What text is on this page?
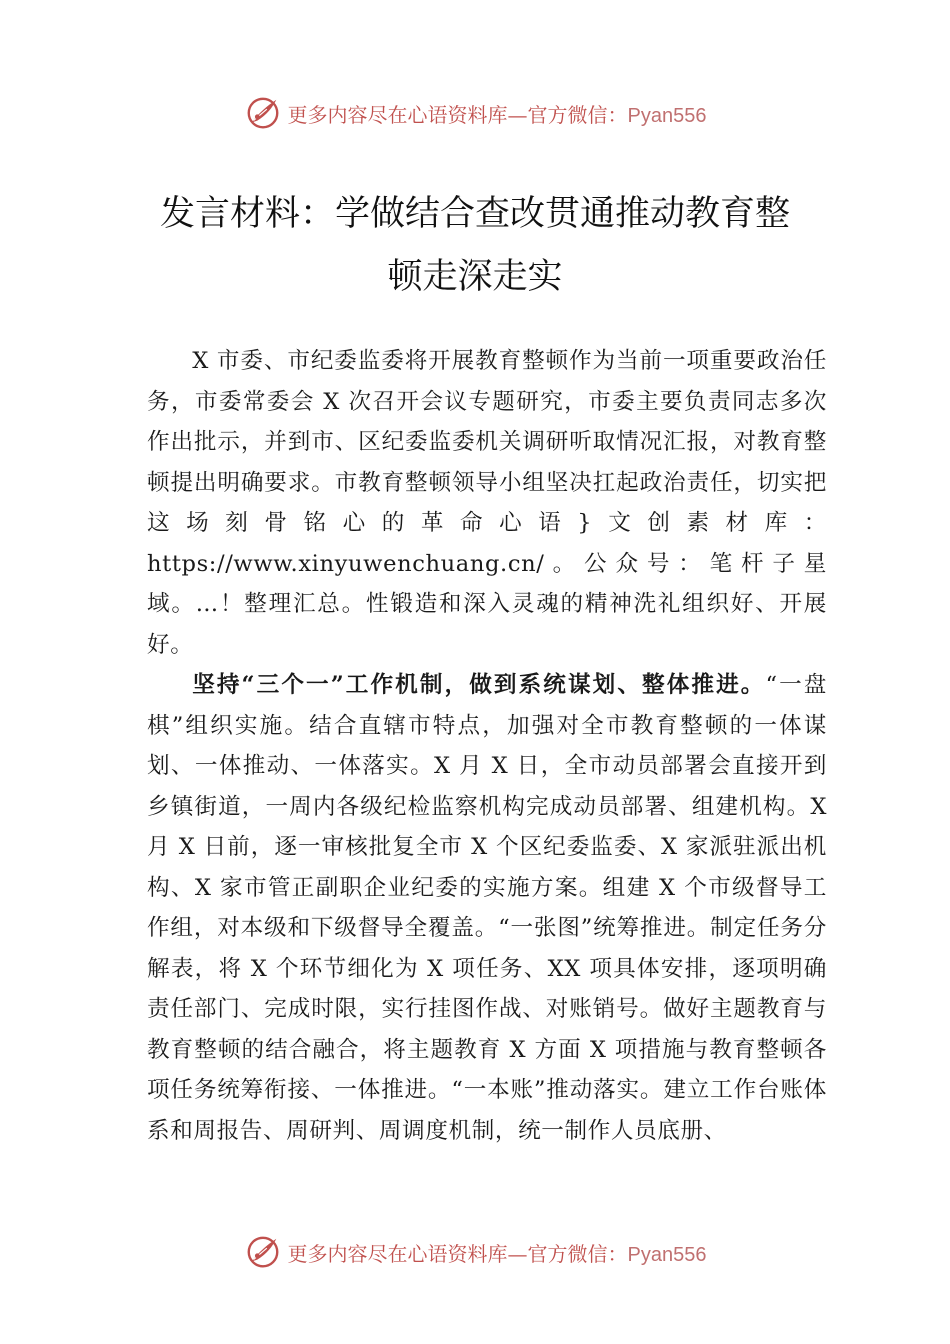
更多内容尽在心语资料库—官方微信：Pyan556
发言材料：学做结合查改贯通推动教育整
顿走深走实

X 市委、市纪委监委将开展教育整顿作为当前一项重要政治任务，市委常委会 X 次召开会议专题研究，市委主要负责同志多次作出批示，并到市、区纪委监委机关调研听取情况汇报，对教育整顿提出明确要求。市教育整顿领导小组坚决扛起政治责任，切实把这场刻骨铭心的革命心语}文创素材库：https://www.xinyuwenchuang.cn/。公众号：笔杆子星域。…！整理汇总。性锻造和深入灵魂的精神洗礼组织好、开展好。

坚持“三个一”工作机制，做到系统谋划、整体推进。“一盘棋”组织实施。结合直辖市特点，加强对全市教育整顿的一体谋划、一体推动、一体落实。X 月 X 日，全市动员部署会直接开到乡镇街道，一周内各级纪检监察机构完成动员部署、组建机构。X 月 X 日前，逐一审核批复全市 X 个区纪委监委、X 家派驻派出机构、X 家市管正副职企业纪委的实施方案。组建 X 个市级督导工作组，对本级和下级督导全覆盖。“一张图”统筹推进。制定任务分解表，将 X 个环节细化为 X 项任务、XX 项具体安排，逐项明确责任部门、完成时限，实行挂图作战、对账销号。做好主题教育与教育整顿的结合融合，将主题教育 X 方面 X 项措施与教育整顿各项任务统筹衔接、一体推进。“一本账”推动落实。建立工作台账体系和周报告、周研判、周调度机制，统一制作人员底册、

更多内容尽在心语资料库—官方微信：Pyan556
